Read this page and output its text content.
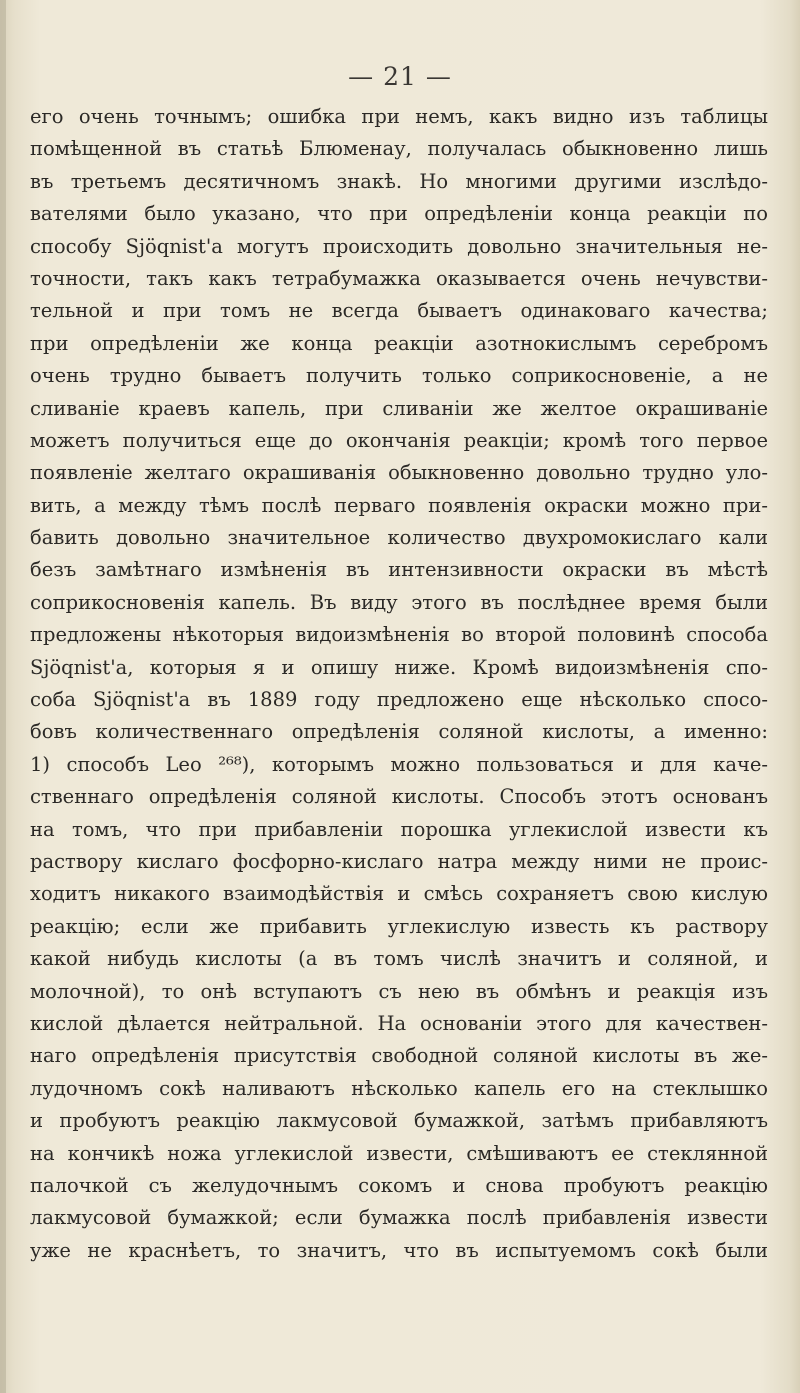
— 21 —
его очень точнымъ; ошибка при немъ, какъ видно изъ таблицы
помѣщенной въ статьѣ Блюменау, получалась обыкновенно лишь
въ третьемъ десятичномъ знакѣ. Но многими другими изслѣдо-
вателями было указано, что при опредѣленіи конца реакціи по
способу Sjöqnist'a могутъ происходить довольно значительныя не-
точности, такъ какъ тетрабумажка оказывается очень нечувстви-
тельной и при томъ не всегда бываетъ одинаковаго качества;
при опредѣленіи же конца реакціи азотнокислымъ серебромъ
очень трудно бываетъ получить только соприкосновеніе, а не
сливаніе краевъ капель, при сливаніи же желтое окрашиваніе
можетъ получиться еще до окончанія реакціи; кромѣ того первое
появленіе желтаго окрашиванія обыкновенно довольно трудно уло-
вить, а между тѣмъ послѣ перваго появленія окраски можно при-
бавить довольно значительное количество двухромокислаго кали
безъ замѣтнаго измѣненія въ интензивности окраски въ мѣстѣ
соприкосновенія капель. Въ виду этого въ послѣднее время были
предложены нѣкоторыя видоизмѣненія во второй половинѣ способа
Sjöqnist'a, которыя я и опишу ниже. Кромѣ видоизмѣненія спо-
соба Sjöqnist'a въ 1889 году предложено еще нѣсколько спосо-
бовъ количественнаго опредѣленія соляной кислоты, а именно:
1) способъ Leo ²⁶⁸), которымъ можно пользоваться и для каче-
ственнаго опредѣленія соляной кислоты. Способъ этотъ основанъ
на томъ, что при прибавленіи порошка углекислой извести къ
раствору кислаго фосфорно-кислаго натра между ними не проис-
ходитъ никакого взаимодѣйствія и смѣсь сохраняетъ свою кислую
реакцію; если же прибавить углекислую известь къ раствору
какой нибудь кислоты (а въ томъ числѣ значитъ и соляной, и
молочной), то онѣ вступаютъ съ нею въ обмѣнъ и реакція изъ
кислой дѣлается нейтральной. На основаніи этого для качествен-
наго опредѣленія присутствія свободной соляной кислоты въ же-
лудочномъ сокѣ наливаютъ нѣсколько капель его на стеклышко
и пробуютъ реакцію лакмусовой бумажкой, затѣмъ прибавляютъ
на кончикѣ ножа углекислой извести, смѣшиваютъ ее стеклянной
палочкой съ желудочнымъ сокомъ и снова пробуютъ реакцію
лакмусовой бумажкой; если бумажка послѣ прибавленія извести
уже не краснѣетъ, то значитъ, что въ испытуемомъ сокѣ были
